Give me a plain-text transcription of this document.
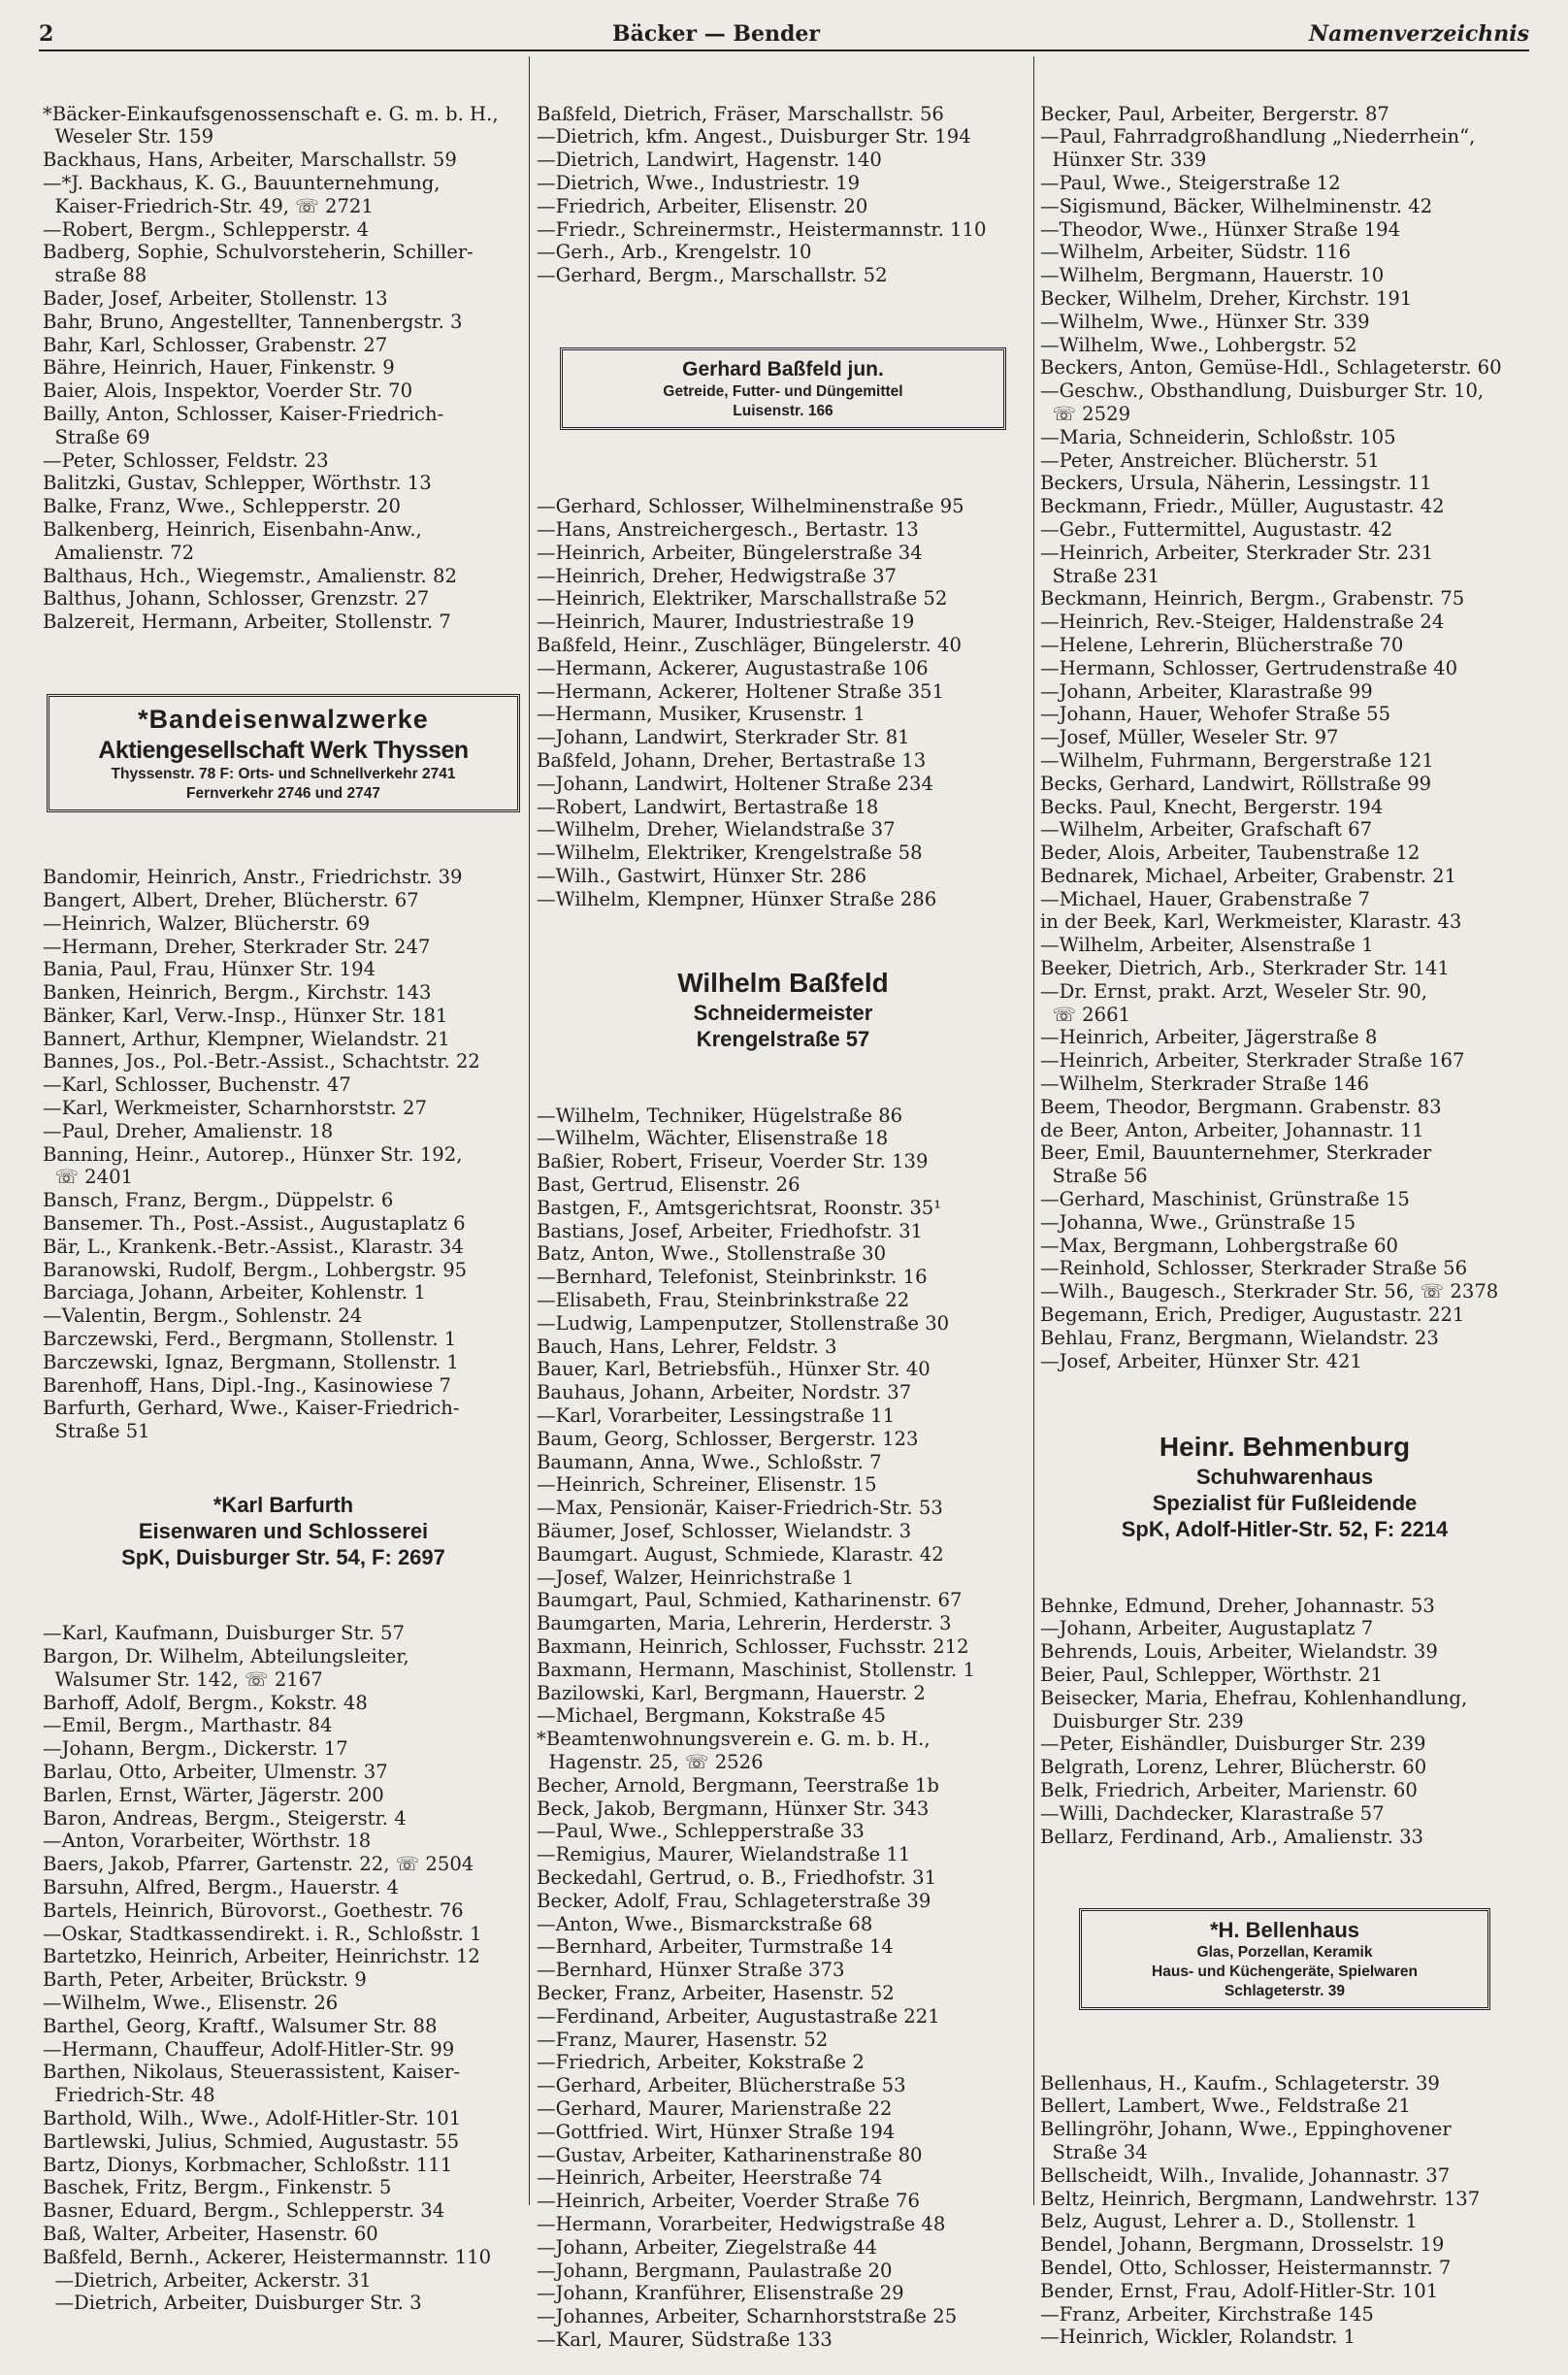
2	Bäcker — Bender	Namenverzeichnis

*Bäcker-Einkaufsgenossenschaft e. G. m. b. H.,
Weseler Str. 159
Backhaus, Hans, Arbeiter, Marschallstr. 59
—*J. Backhaus, K. G., Bauunternehmung,
Kaiser-Friedrich-Str. 49, ☏ 2721
—Robert, Bergm., Schlepperstr. 4
Badberg, Sophie, Schulvorsteherin, Schiller-
straße 88
Bader, Josef, Arbeiter, Stollenstr. 13
Bahr, Bruno, Angestellter, Tannenbergstr. 3
Bahr, Karl, Schlosser, Grabenstr. 27
Bähre, Heinrich, Hauer, Finkenstr. 9
Baier, Alois, Inspektor, Voerder Str. 70
Bailly, Anton, Schlosser, Kaiser-Friedrich-
Straße 69
—Peter, Schlosser, Feldstr. 23
Balitzki, Gustav, Schlepper, Wörthstr. 13
Balke, Franz, Wwe., Schlepperstr. 20
Balkenberg, Heinrich, Eisenbahn-Anw.,
Amalienstr. 72
Balthaus, Hch., Wiegemstr., Amalienstr. 82
Balthus, Johann, Schlosser, Grenzstr. 27
Balzereit, Hermann, Arbeiter, Stollenstr. 7

*Bandeisenwalzwerke
Aktiengesellschaft Werk Thyssen
Thyssenstr. 78 F: Orts- und Schnellverkehr 2741
Fernverkehr 2746 und 2747

Bandomir, Heinrich, Anstr., Friedrichstr. 39
Bangert, Albert, Dreher, Blücherstr. 67
—Heinrich, Walzer, Blücherstr. 69
—Hermann, Dreher, Sterkrader Str. 247
Bania, Paul, Frau, Hünxer Str. 194
Banken, Heinrich, Bergm., Kirchstr. 143
Bänker, Karl, Verw.-Insp., Hünxer Str. 181
Bannert, Arthur, Klempner, Wielandstr. 21
Bannes, Jos., Pol.-Betr.-Assist., Schachtstr. 22
—Karl, Schlosser, Buchenstr. 47
—Karl, Werkmeister, Scharnhorststr. 27
—Paul, Dreher, Amalienstr. 18
Banning, Heinr., Autorep., Hünxer Str. 192,
☏ 2401
Bansch, Franz, Bergm., Düppelstr. 6
Bansemer. Th., Post.-Assist., Augustaplatz 6
Bär, L., Krankenk.-Betr.-Assist., Klarastr. 34
Baranowski, Rudolf, Bergm., Lohbergstr. 95
Barciaga, Johann, Arbeiter, Kohlenstr. 1
—Valentin, Bergm., Sohlenstr. 24
Barczewski, Ferd., Bergmann, Stollenstr. 1
Barczewski, Ignaz, Bergmann, Stollenstr. 1
Barenhoff, Hans, Dipl.-Ing., Kasinowiese 7
Barfurth, Gerhard, Wwe., Kaiser-Friedrich-
Straße 51

*Karl Barfurth
Eisenwaren und Schlosserei
SpK, Duisburger Str. 54, F: 2697

—Karl, Kaufmann, Duisburger Str. 57
Bargon, Dr. Wilhelm, Abteilungsleiter,
Walsumer Str. 142, ☏ 2167
Barhoff, Adolf, Bergm., Kokstr. 48
—Emil, Bergm., Marthastr. 84
—Johann, Bergm., Dickerstr. 17
Barlau, Otto, Arbeiter, Ulmenstr. 37
Barlen, Ernst, Wärter, Jägerstr. 200
Baron, Andreas, Bergm., Steigerstr. 4
—Anton, Vorarbeiter, Wörthstr. 18
Baers, Jakob, Pfarrer, Gartenstr. 22, ☏ 2504
Barsuhn, Alfred, Bergm., Hauerstr. 4
Bartels, Heinrich, Bürovorst., Goethestr. 76
—Oskar, Stadtkassendirekt. i. R., Schloßstr. 1
Bartetzko, Heinrich, Arbeiter, Heinrichstr. 12
Barth, Peter, Arbeiter, Brückstr. 9
—Wilhelm, Wwe., Elisenstr. 26
Barthel, Georg, Kraftf., Walsumer Str. 88
—Hermann, Chauffeur, Adolf-Hitler-Str. 99
Barthen, Nikolaus, Steuerassistent, Kaiser-
Friedrich-Str. 48
Barthold, Wilh., Wwe., Adolf-Hitler-Str. 101
Bartlewski, Julius, Schmied, Augustastr. 55
Bartz, Dionys, Korbmacher, Schloßstr. 111
Baschek, Fritz, Bergm., Finkenstr. 5
Basner, Eduard, Bergm., Schlepperstr. 34
Baß, Walter, Arbeiter, Hasenstr. 60
Baßfeld, Bernh., Ackerer, Heistermannstr. 110
—Dietrich, Arbeiter, Ackerstr. 31
—Dietrich, Arbeiter, Duisburger Str. 3

Baßfeld, Dietrich, Fräser, Marschallstr. 56
—Dietrich, kfm. Angest., Duisburger Str. 194
—Dietrich, Landwirt, Hagenstr. 140
—Dietrich, Wwe., Industriestr. 19
—Friedrich, Arbeiter, Elisenstr. 20
—Friedr., Schreinermstr., Heistermannstr. 110
—Gerh., Arb., Krengelstr. 10
—Gerhard, Bergm., Marschallstr. 52

Gerhard Baßfeld jun.
Getreide, Futter- und Düngemittel
Luisenstr. 166

—Gerhard, Schlosser, Wilhelminenstraße 95
—Hans, Anstreichergesch., Bertastr. 13
—Heinrich, Arbeiter, Büngelerstraße 34
—Heinrich, Dreher, Hedwigstraße 37
—Heinrich, Elektriker, Marschallstraße 52
—Heinrich, Maurer, Industriestraße 19
Baßfeld, Heinr., Zuschläger, Büngelerstr. 40
—Hermann, Ackerer, Augustastraße 106
—Hermann, Ackerer, Holtener Straße 351
—Hermann, Musiker, Krusenstr. 1
—Johann, Landwirt, Sterkrader Str. 81
Baßfeld, Johann, Dreher, Bertastraße 13
—Johann, Landwirt, Holtener Straße 234
—Robert, Landwirt, Bertastraße 18
—Wilhelm, Dreher, Wielandstraße 37
—Wilhelm, Elektriker, Krengelstraße 58
—Wilh., Gastwirt, Hünxer Str. 286
—Wilhelm, Klempner, Hünxer Straße 286

Wilhelm Baßfeld
Schneidermeister
Krengelstraße 57

—Wilhelm, Techniker, Hügelstraße 86
—Wilhelm, Wächter, Elisenstraße 18
Baßier, Robert, Friseur, Voerder Str. 139
Bast, Gertrud, Elisenstr. 26
Bastgen, F., Amtsgerichtsrat, Roonstr. 35¹
Bastians, Josef, Arbeiter, Friedhofstr. 31
Batz, Anton, Wwe., Stollenstraße 30
—Bernhard, Telefonist, Steinbrinkstr. 16
—Elisabeth, Frau, Steinbrinkstraße 22
—Ludwig, Lampenputzer, Stollenstraße 30
Bauch, Hans, Lehrer, Feldstr. 3
Bauer, Karl, Betriebsfüh., Hünxer Str. 40
Bauhaus, Johann, Arbeiter, Nordstr. 37
—Karl, Vorarbeiter, Lessingstraße 11
Baum, Georg, Schlosser, Bergerstr. 123
Baumann, Anna, Wwe., Schloßstr. 7
—Heinrich, Schreiner, Elisenstr. 15
—Max, Pensionär, Kaiser-Friedrich-Str. 53
Bäumer, Josef, Schlosser, Wielandstr. 3
Baumgart. August, Schmiede, Klarastr. 42
—Josef, Walzer, Heinrichstraße 1
Baumgart, Paul, Schmied, Katharinenstr. 67
Baumgarten, Maria, Lehrerin, Herderstr. 3
Baxmann, Heinrich, Schlosser, Fuchsstr. 212
Baxmann, Hermann, Maschinist, Stollenstr. 1
Bazilowski, Karl, Bergmann, Hauerstr. 2
—Michael, Bergmann, Kokstraße 45
*Beamtenwohnungsverein e. G. m. b. H.,
Hagenstr. 25, ☏ 2526
Becher, Arnold, Bergmann, Teerstraße 1b
Beck, Jakob, Bergmann, Hünxer Str. 343
—Paul, Wwe., Schlepperstraße 33
—Remigius, Maurer, Wielandstraße 11
Beckedahl, Gertrud, o. B., Friedhofstr. 31
Becker, Adolf, Frau, Schlageterstraße 39
—Anton, Wwe., Bismarckstraße 68
—Bernhard, Arbeiter, Turmstraße 14
—Bernhard, Hünxer Straße 373
Becker, Franz, Arbeiter, Hasenstr. 52
—Ferdinand, Arbeiter, Augustastraße 221
—Franz, Maurer, Hasenstr. 52
—Friedrich, Arbeiter, Kokstraße 2
—Gerhard, Arbeiter, Blücherstraße 53
—Gerhard, Maurer, Marienstraße 22
—Gottfried. Wirt, Hünxer Straße 194
—Gustav, Arbeiter, Katharinenstraße 80
—Heinrich, Arbeiter, Heerstraße 74
—Heinrich, Arbeiter, Voerder Straße 76
—Hermann, Vorarbeiter, Hedwigstraße 48
—Johann, Arbeiter, Ziegelstraße 44
—Johann, Bergmann, Paulastraße 20
—Johann, Kranführer, Elisenstraße 29
—Johannes, Arbeiter, Scharnhorststraße 25
—Karl, Maurer, Südstraße 133

Becker, Paul, Arbeiter, Bergerstr. 87
—Paul, Fahrradgroßhandlung „Niederrhein“,
Hünxer Str. 339
—Paul, Wwe., Steigerstraße 12
—Sigismund, Bäcker, Wilhelminenstr. 42
—Theodor, Wwe., Hünxer Straße 194
—Wilhelm, Arbeiter, Südstr. 116
—Wilhelm, Bergmann, Hauerstr. 10
Becker, Wilhelm, Dreher, Kirchstr. 191
—Wilhelm, Wwe., Hünxer Str. 339
—Wilhelm, Wwe., Lohbergstr. 52
Beckers, Anton, Gemüse-Hdl., Schlageterstr. 60
—Geschw., Obsthandlung, Duisburger Str. 10,
☏ 2529
—Maria, Schneiderin, Schloßstr. 105
—Peter, Anstreicher. Blücherstr. 51
Beckers, Ursula, Näherin, Lessingstr. 11
Beckmann, Friedr., Müller, Augustastr. 42
—Gebr., Futtermittel, Augustastr. 42
—Heinrich, Arbeiter, Sterkrader Str. 231
Straße 231
Beckmann, Heinrich, Bergm., Grabenstr. 75
—Heinrich, Rev.-Steiger, Haldenstraße 24
—Helene, Lehrerin, Blücherstraße 70
—Hermann, Schlosser, Gertrudenstraße 40
—Johann, Arbeiter, Klarastraße 99
—Johann, Hauer, Wehofer Straße 55
—Josef, Müller, Weseler Str. 97
—Wilhelm, Fuhrmann, Bergerstraße 121
Becks, Gerhard, Landwirt, Röllstraße 99
Becks. Paul, Knecht, Bergerstr. 194
—Wilhelm, Arbeiter, Grafschaft 67
Beder, Alois, Arbeiter, Taubenstraße 12
Bednarek, Michael, Arbeiter, Grabenstr. 21
—Michael, Hauer, Grabenstraße 7
in der Beek, Karl, Werkmeister, Klarastr. 43
—Wilhelm, Arbeiter, Alsenstraße 1
Beeker, Dietrich, Arb., Sterkrader Str. 141
—Dr. Ernst, prakt. Arzt, Weseler Str. 90,
☏ 2661
—Heinrich, Arbeiter, Jägerstraße 8
—Heinrich, Arbeiter, Sterkrader Straße 167
—Wilhelm, Sterkrader Straße 146
Beem, Theodor, Bergmann. Grabenstr. 83
de Beer, Anton, Arbeiter, Johannastr. 11
Beer, Emil, Bauunternehmer, Sterkrader
Straße 56
—Gerhard, Maschinist, Grünstraße 15
—Johanna, Wwe., Grünstraße 15
—Max, Bergmann, Lohbergstraße 60
—Reinhold, Schlosser, Sterkrader Straße 56
—Wilh., Baugesch., Sterkrader Str. 56, ☏ 2378
Begemann, Erich, Prediger, Augustastr. 221
Behlau, Franz, Bergmann, Wielandstr. 23
—Josef, Arbeiter, Hünxer Str. 421

Heinr. Behmenburg
Schuhwarenhaus
Spezialist für Fußleidende
SpK, Adolf-Hitler-Str. 52, F: 2214

Behnke, Edmund, Dreher, Johannastr. 53
—Johann, Arbeiter, Augustaplatz 7
Behrends, Louis, Arbeiter, Wielandstr. 39
Beier, Paul, Schlepper, Wörthstr. 21
Beisecker, Maria, Ehefrau, Kohlenhandlung,
Duisburger Str. 239
—Peter, Eishändler, Duisburger Str. 239
Belgrath, Lorenz, Lehrer, Blücherstr. 60
Belk, Friedrich, Arbeiter, Marienstr. 60
—Willi, Dachdecker, Klarastraße 57
Bellarz, Ferdinand, Arb., Amalienstr. 33

*H. Bellenhaus
Glas, Porzellan, Keramik
Haus- und Küchengeräte, Spielwaren
Schlageterstr. 39

Bellenhaus, H., Kaufm., Schlageterstr. 39
Bellert, Lambert, Wwe., Feldstraße 21
Bellingröhr, Johann, Wwe., Eppinghovener
Straße 34
Bellscheidt, Wilh., Invalide, Johannastr. 37
Beltz, Heinrich, Bergmann, Landwehrstr. 137
Belz, August, Lehrer a. D., Stollenstr. 1
Bendel, Johann, Bergmann, Drosselstr. 19
Bendel, Otto, Schlosser, Heistermannstr. 7
Bender, Ernst, Frau, Adolf-Hitler-Str. 101
—Franz, Arbeiter, Kirchstraße 145
—Heinrich, Wickler, Rolandstr. 1
